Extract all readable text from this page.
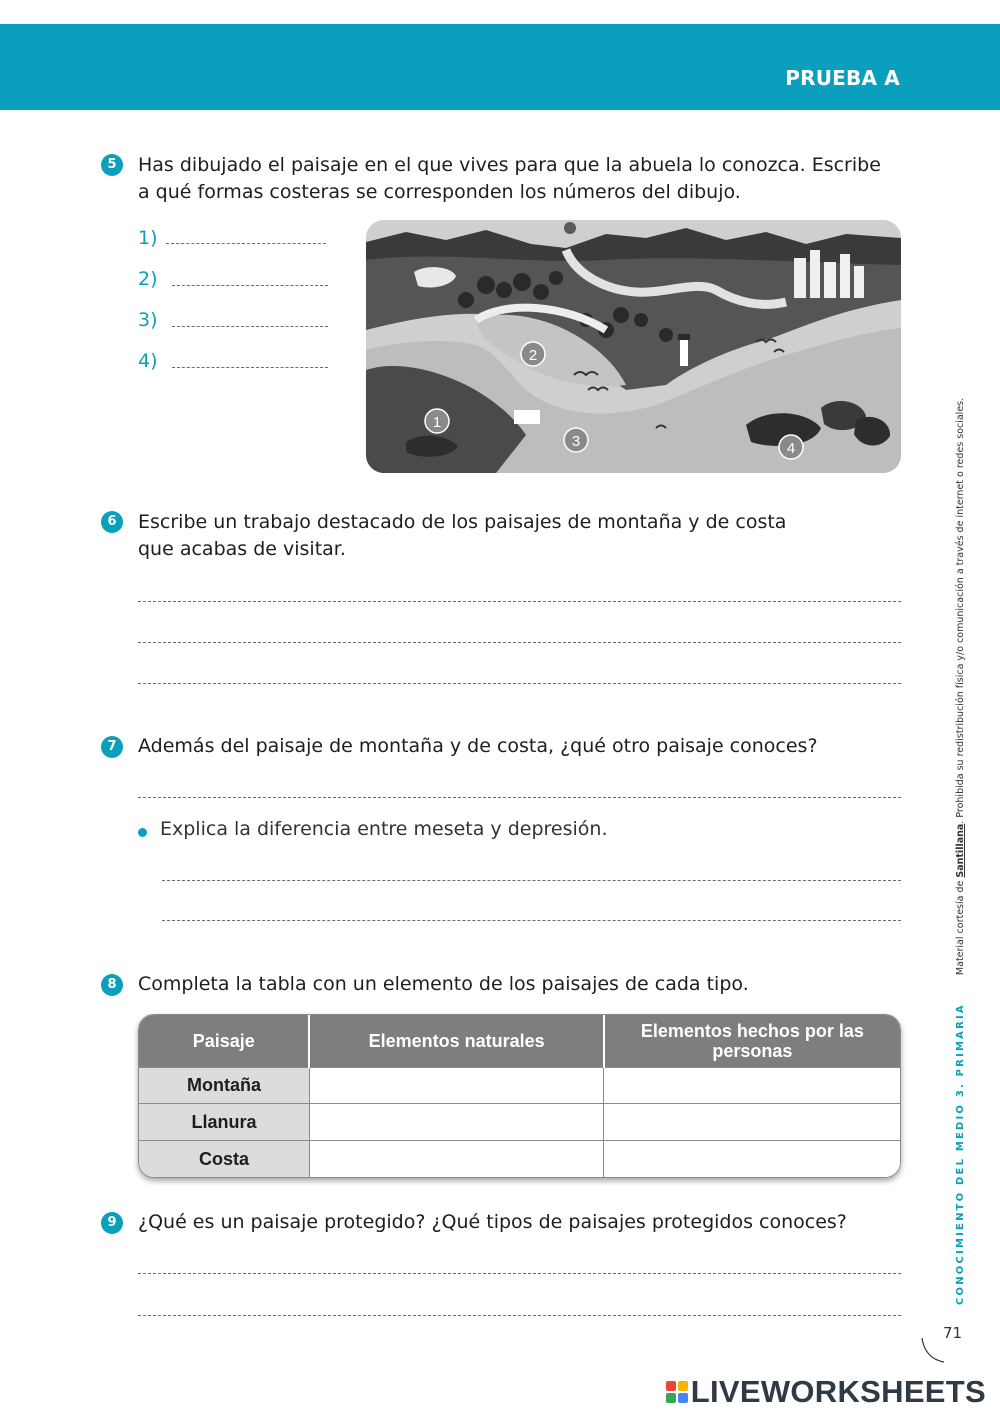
PRUEBA A
5	Has dibujado el paisaje en el que vives para que la abuela lo conozca. Escribe
a qué formas costeras se corresponden los números del dibujo.
1)
2)
3)
4)
1
2
3	4
6	Escribe un trabajo destacado de los paisajes de montaña y de costa
que acabas de visitar.
7	Además del paisaje de montaña y de costa, ¿qué otro paisaje conoces?
Explica la diferencia entre meseta y depresión.
8	Completa la tabla con un elemento de los paisajes de cada tipo.
Paisaje	Elementos naturales	Elementos hechos por las personas
Montaña		
Llanura		
Costa		
9	¿Qué es un paisaje protegido? ¿Qué tipos de paisajes protegidos conoces?	CONOCIMIENTO DEL MEDIO 3. PRIMARIA  Material cortesía de Santillana. Prohibida su redistribución física y/o comunicación a través de internet o redes sociales.
71
LIVEWORKSHEETS
